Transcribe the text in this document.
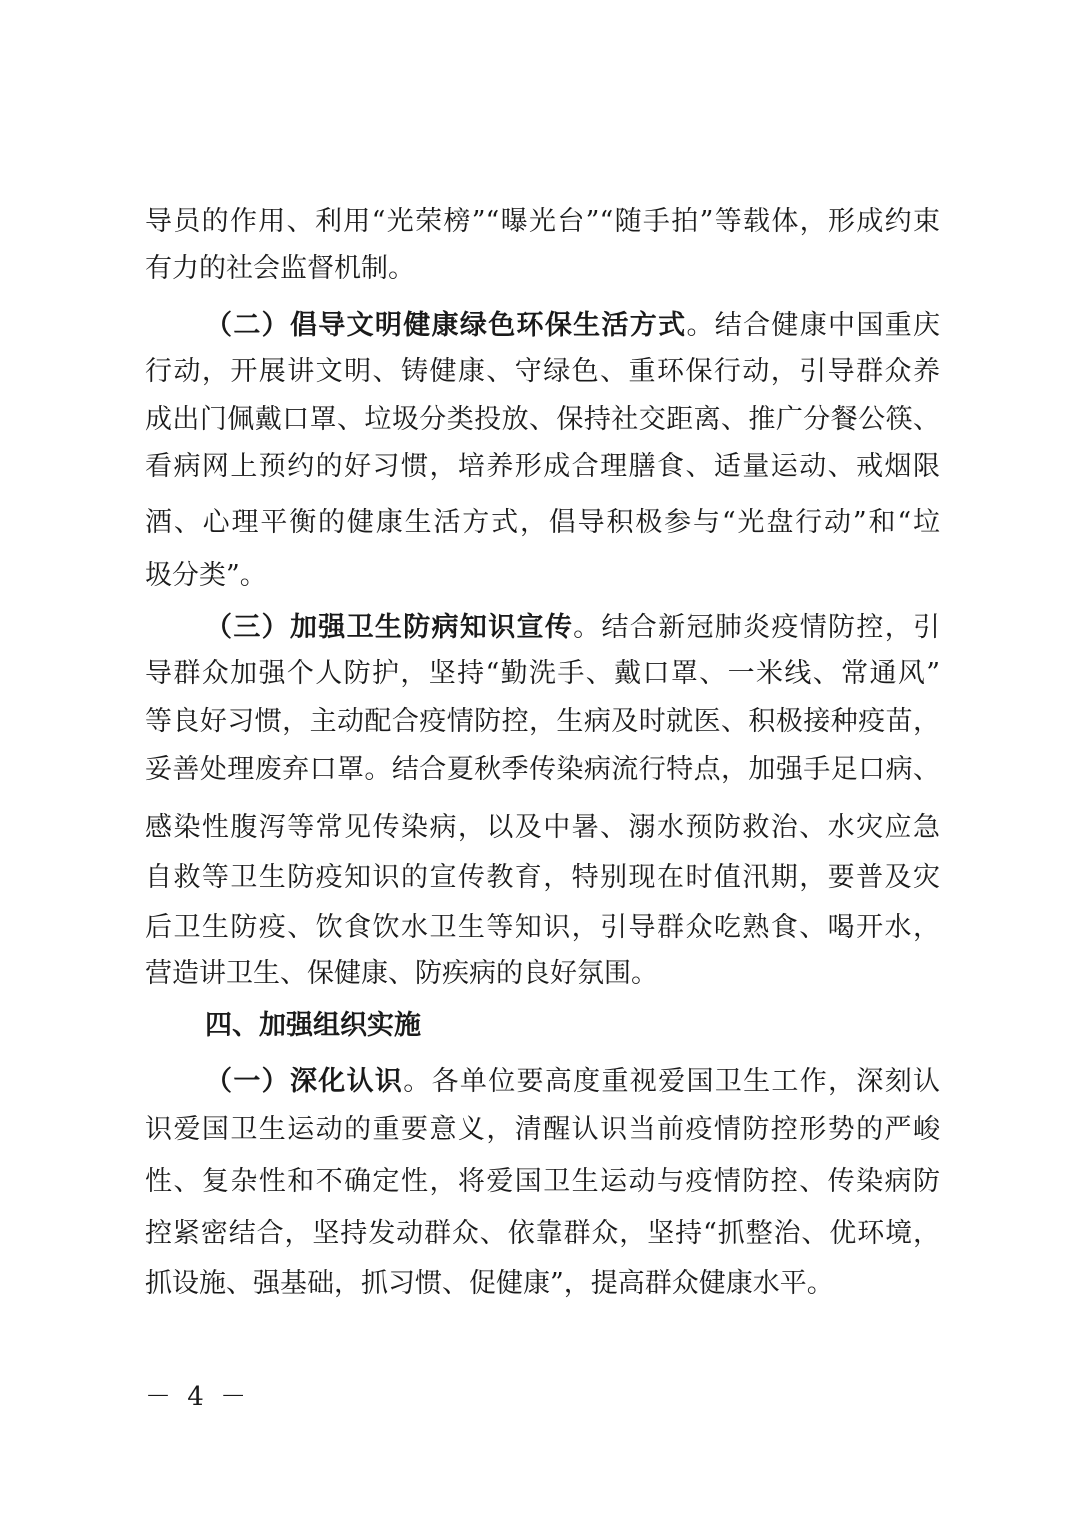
导员的作用、利用“光荣榜”“曝光台”“随手拍”等载体，形成约束
有力的社会监督机制。
（二）倡导文明健康绿色环保生活方式。结合健康中国重庆
行动，开展讲文明、铸健康、守绿色、重环保行动，引导群众养
成出门佩戴口罩、垃圾分类投放、保持社交距离、推广分餐公筷、
看病网上预约的好习惯，培养形成合理膳食、适量运动、戒烟限
酒、心理平衡的健康生活方式，倡导积极参与“光盘行动”和“垃
圾分类”。
（三）加强卫生防病知识宣传。结合新冠肺炎疫情防控，引
导群众加强个人防护，坚持“勤洗手、戴口罩、一米线、常通风”
等良好习惯，主动配合疫情防控，生病及时就医、积极接种疫苗，
妥善处理废弃口罩。结合夏秋季传染病流行特点，加强手足口病、
感染性腹泻等常见传染病，以及中暑、溺水预防救治、水灾应急
自救等卫生防疫知识的宣传教育，特别现在时值汛期，要普及灾
后卫生防疫、饮食饮水卫生等知识，引导群众吃熟食、喝开水，
营造讲卫生、保健康、防疾病的良好氛围。
四、加强组织实施
（一）深化认识。各单位要高度重视爱国卫生工作，深刻认
识爱国卫生运动的重要意义，清醒认识当前疫情防控形势的严峻
性、复杂性和不确定性，将爱国卫生运动与疫情防控、传染病防
控紧密结合，坚持发动群众、依靠群众，坚持“抓整治、优环境，
抓设施、强基础，抓习惯、促健康”，提高群众健康水平。
－ 4 －
